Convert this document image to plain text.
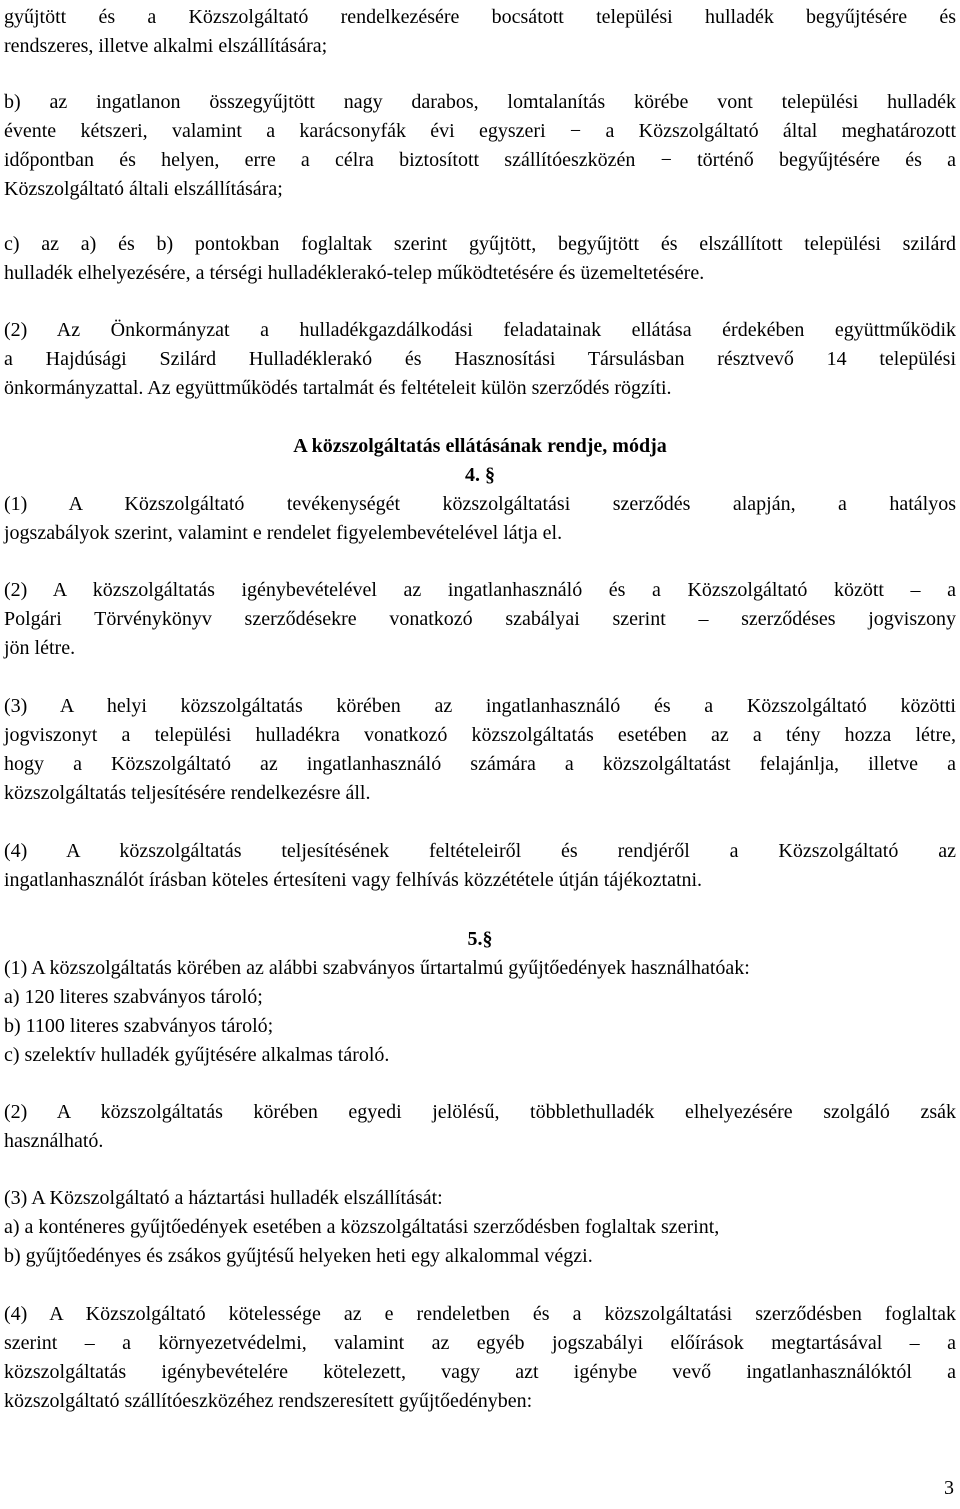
gyűjtött és a Közszolgáltató rendelkezésére bocsátott települési hulladék begyűjtésére és

rendszeres, illetve alkalmi elszállítására;

b) az ingatlanon összegyűjtött nagy darabos, lomtalanítás körébe vont települési hulladék

évente kétszeri, valamint a karácsonyfák évi egyszeri − a Közszolgáltató által meghatározott

időpontban és helyen, erre a célra biztosított szállítóeszközén − történő begyűjtésére és a

Közszolgáltató általi elszállítására;

c) az a) és b) pontokban foglaltak szerint gyűjtött, begyűjtött és elszállított települési szilárd

hulladék elhelyezésére, a térségi hulladéklerakó-telep működtetésére és üzemeltetésére.

(2) Az Önkormányzat a hulladékgazdálkodási feladatainak ellátása érdekében együttműködik

a Hajdúsági Szilárd Hulladéklerakó és Hasznosítási Társulásban résztvevő 14 települési

önkormányzattal. Az együttműködés tartalmát és feltételeit külön szerződés rögzíti.

A közszolgáltatás ellátásának rendje, módja

4. §

(1) A Közszolgáltató tevékenységét közszolgáltatási szerződés alapján, a hatályos

jogszabályok szerint, valamint e rendelet figyelembevételével látja el.

(2) A közszolgáltatás igénybevételével az ingatlanhasználó és a Közszolgáltató között – a

Polgári Törvénykönyv szerződésekre vonatkozó szabályai szerint – szerződéses jogviszony

jön létre.

(3) A helyi közszolgáltatás körében az ingatlanhasználó és a Közszolgáltató közötti

jogviszonyt a települési hulladékra vonatkozó közszolgáltatás esetében az a tény hozza létre,

hogy a Közszolgáltató az ingatlanhasználó számára a közszolgáltatást felajánlja, illetve a

közszolgáltatás teljesítésére rendelkezésre áll.

(4) A közszolgáltatás teljesítésének feltételeiről és rendjéről a Közszolgáltató az

ingatlanhasználót írásban köteles értesíteni vagy felhívás közzététele útján tájékoztatni.

5.§

(1) A közszolgáltatás körében az alábbi szabványos űrtartalmú gyűjtőedények használhatóak:

a) 120 literes szabványos tároló;

b) 1100 literes szabványos tároló;

c) szelektív hulladék gyűjtésére alkalmas tároló.

(2) A közszolgáltatás körében egyedi jelölésű, többlethulladék elhelyezésére szolgáló zsák

használható.

(3) A Közszolgáltató a háztartási hulladék elszállítását:

a) a konténeres gyűjtőedények esetében a közszolgáltatási szerződésben foglaltak szerint,

b) gyűjtőedényes és zsákos gyűjtésű helyeken heti egy alkalommal végzi.

(4) A Közszolgáltató kötelessége az e rendeletben és a közszolgáltatási szerződésben foglaltak

szerint – a környezetvédelmi, valamint az egyéb jogszabályi előírások megtartásával – a

közszolgáltatás igénybevételére kötelezett, vagy azt igénybe vevő ingatlanhasználóktól a

közszolgáltató szállítóeszközéhez rendszeresített gyűjtőedényben:

3
